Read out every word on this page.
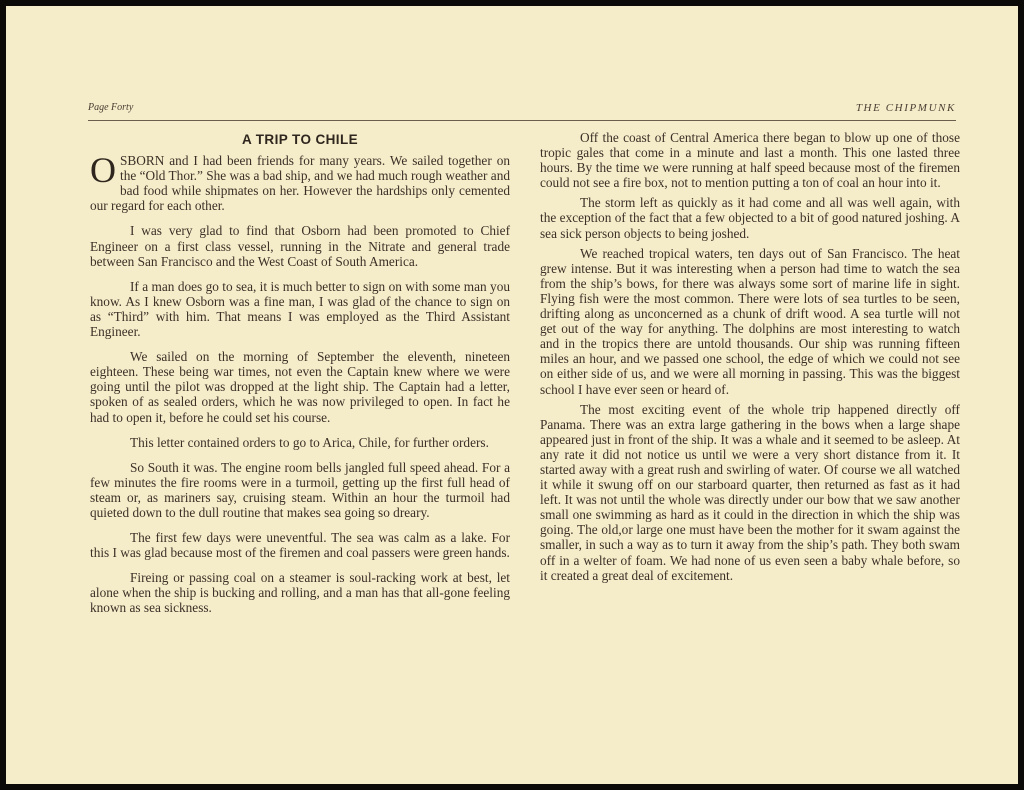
Page Forty	THE CHIPMUNK
A TRIP TO CHILE

OSBORN and I had been friends for many years. We sailed together on the “Old Thor.” She was a bad ship, and we had much rough weather and bad food while shipmates on her. However the hardships only cemented our regard for each other.

I was very glad to find that Osborn had been promoted to Chief Engineer on a first class vessel, running in the Nitrate and general trade between San Francisco and the West Coast of South America.

If a man does go to sea, it is much better to sign on with some man you know. As I knew Osborn was a fine man, I was glad of the chance to sign on as “Third” with him. That means I was employed as the Third Assistant Engineer.

We sailed on the morning of September the eleventh, nineteen eighteen. These being war times, not even the Captain knew where we were going until the pilot was dropped at the light ship. The Captain had a letter, spoken of as sealed orders, which he was now privileged to open. In fact he had to open it, before he could set his course.

This letter contained orders to go to Arica, Chile, for further orders.

So South it was. The engine room bells jangled full speed ahead. For a few minutes the fire rooms were in a turmoil, getting up the first full head of steam or, as mariners say, cruising steam. Within an hour the turmoil had quieted down to the dull routine that makes sea going so dreary.

The first few days were uneventful. The sea was calm as a lake. For this I was glad because most of the firemen and coal passers were green hands.

Fireing or passing coal on a steamer is soul-racking work at best, let alone when the ship is bucking and rolling, and a man has that all-gone feeling known as sea sickness.

Off the coast of Central America there began to blow up one of those tropic gales that come in a minute and last a month. This one lasted three hours. By the time we were running at half speed because most of the firemen could not see a fire box, not to mention putting a ton of coal an hour into it.

The storm left as quickly as it had come and all was well again, with the exception of the fact that a few objected to a bit of good natured joshing. A sea sick person objects to being joshed.

We reached tropical waters, ten days out of San Francisco. The heat grew intense. But it was interesting when a person had time to watch the sea from the ship’s bows, for there was always some sort of marine life in sight. Flying fish were the most common. There were lots of sea turtles to be seen, drifting along as unconcerned as a chunk of drift wood. A sea turtle will not get out of the way for anything. The dolphins are most interesting to watch and in the tropics there are untold thousands. Our ship was running fifteen miles an hour, and we passed one school, the edge of which we could not see on either side of us, and we were all morning in passing. This was the biggest school I have ever seen or heard of.

The most exciting event of the whole trip happened directly off Panama. There was an extra large gathering in the bows when a large shape appeared just in front of the ship. It was a whale and it seemed to be asleep. At any rate it did not notice us until we were a very short distance from it. It started away with a great rush and swirling of water. Of course we all watched it while it swung off on our starboard quarter, then returned as fast as it had left. It was not until the whole was directly under our bow that we saw another small one swimming as hard as it could in the direction in which the ship was going. The old,or large one must have been the mother for it swam against the smaller, in such a way as to turn it away from the ship’s path. They both swam off in a welter of foam. We had none of us even seen a baby whale before, so it created a great deal of excitement.
